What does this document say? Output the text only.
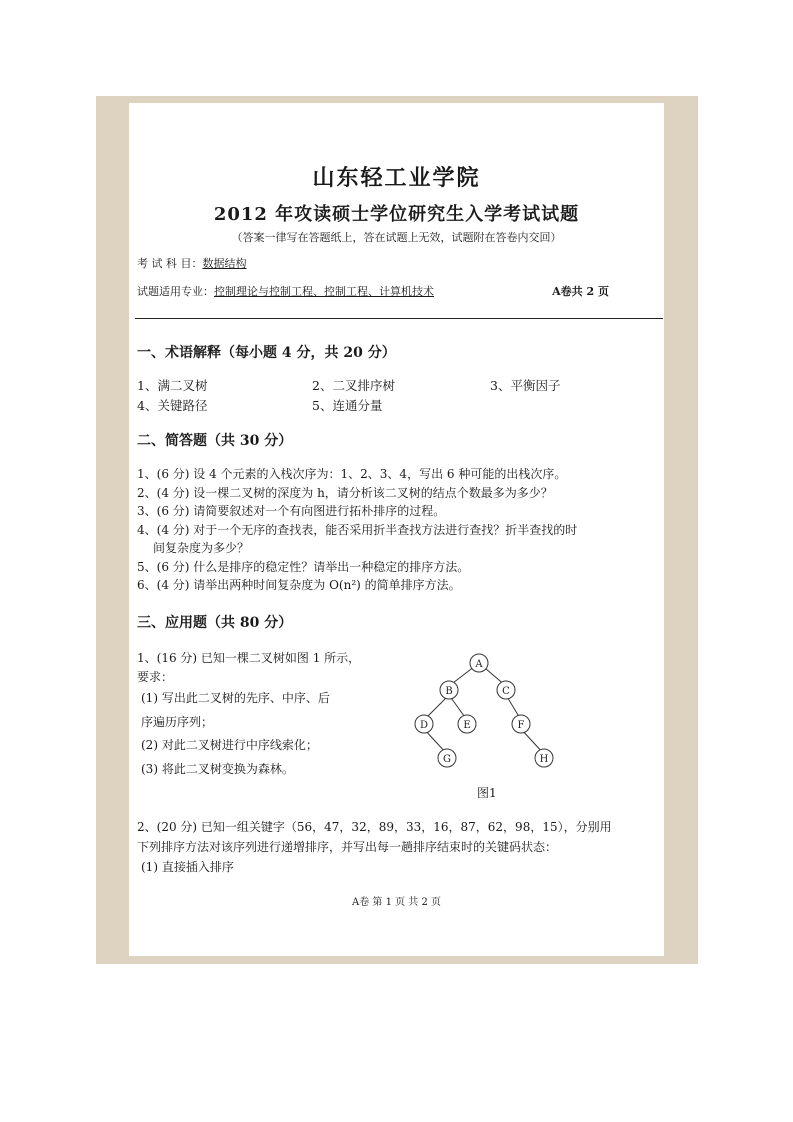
山东轻工业学院
2012 年攻读硕士学位研究生入学考试试题
（答案一律写在答题纸上，答在试题上无效，试题附在答卷内交回）
考 试 科 目：数据结构
试题适用专业：控制理论与控制工程、控制工程、计算机技术	A卷共 2 页
一、术语解释（每小题 4 分，共 20 分）
1、满二叉树	2、二叉排序树	3、平衡因子
4、关键路径	5、连通分量
二、简答题（共 30 分）
1、(6 分) 设 4 个元素的入栈次序为：1、2、3、4，写出 6 种可能的出栈次序。
2、(4 分) 设一棵二叉树的深度为 h，请分析该二叉树的结点个数最多为多少？
3、(6 分) 请简要叙述对一个有向图进行拓朴排序的过程。
4、(4 分) 对于一个无序的查找表，能否采用折半查找方法进行查找？折半查找的时
间复杂度为多少？
5、(6 分) 什么是排序的稳定性？请举出一种稳定的排序方法。
6、(4 分) 请举出两种时间复杂度为 O(n²) 的简单排序方法。
三、应用题（共 80 分）
1、(16 分) 已知一棵二叉树如图 1 所示，
要求：
(1) 写出此二叉树的先序、中序、后
序遍历序列；
(2) 对此二叉树进行中序线索化；
(3) 将此二叉树变换为森林。
A
B	C
D	E	F
G	H
图1
2、(20 分) 已知一组关键字（56，47，32，89，33，16，87，62，98，15），分别用
下列排序方法对该序列进行递增排序，并写出每一趟排序结束时的关键码状态：
(1) 直接插入排序
A卷 第 1 页 共 2 页
